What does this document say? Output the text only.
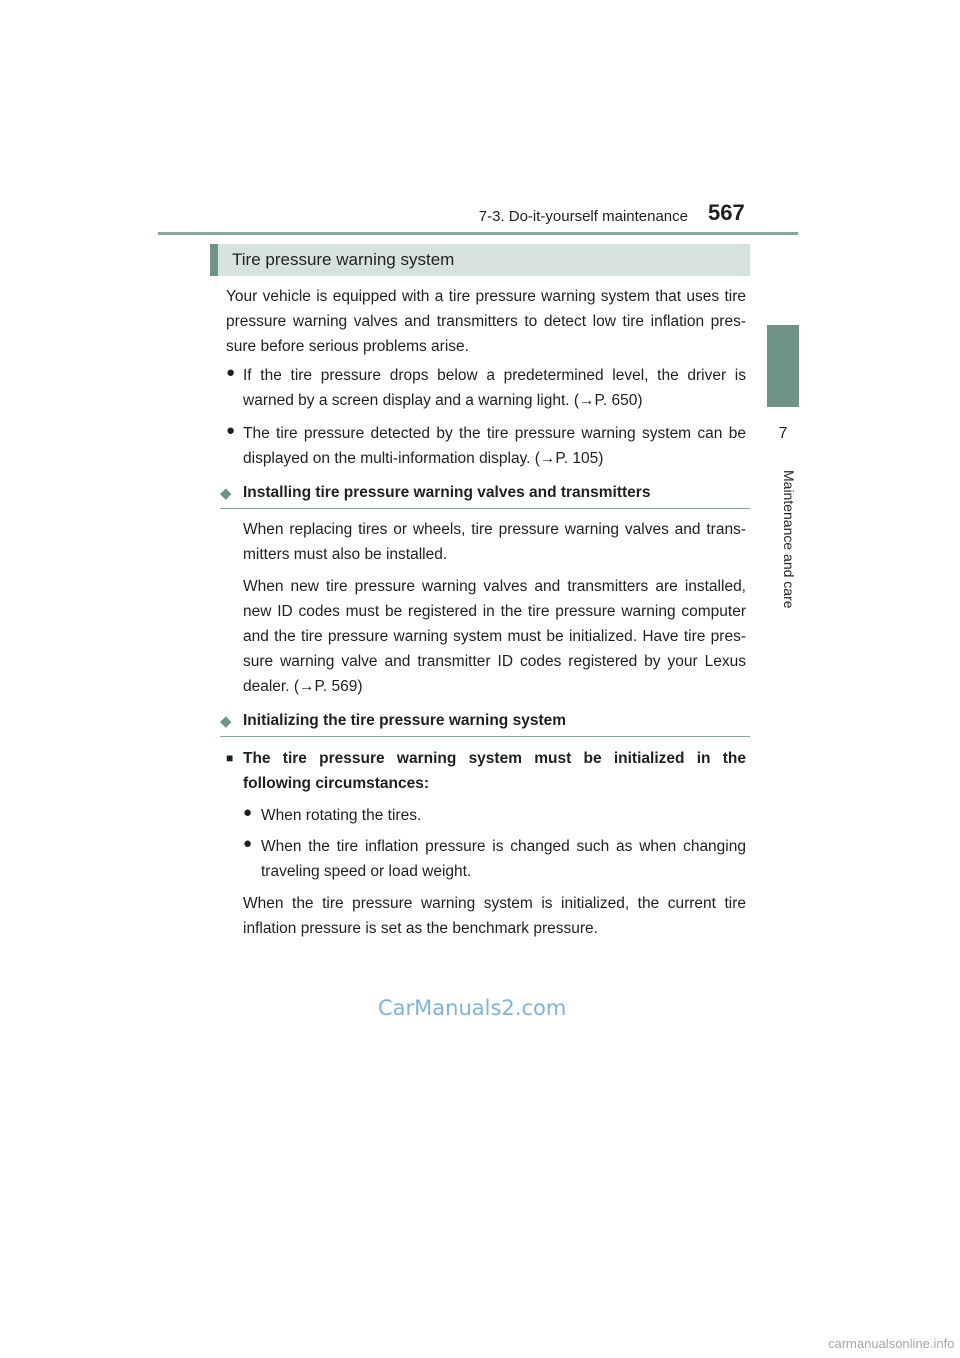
7-3. Do-it-yourself maintenance 567
7
Maintenance and care
Tire pressure warning system
Your vehicle is equipped with a tire pressure warning system that uses tire pressure warning valves and transmitters to detect low tire inflation pres-sure before serious problems arise.
● If the tire pressure drops below a predetermined level, the driver is warned by a screen display and a warning light. (→P. 650)
● The tire pressure detected by the tire pressure warning system can be displayed on the multi-information display. (→P. 105)
◆ Installing tire pressure warning valves and transmitters
When replacing tires or wheels, tire pressure warning valves and trans-mitters must also be installed.
When new tire pressure warning valves and transmitters are installed, new ID codes must be registered in the tire pressure warning computer and the tire pressure warning system must be initialized. Have tire pres-sure warning valve and transmitter ID codes registered by your Lexus dealer. (→P. 569)
◆ Initializing the tire pressure warning system
■ The tire pressure warning system must be initialized in the following circumstances:
● When rotating the tires.
● When the tire inflation pressure is changed such as when changing traveling speed or load weight.
When the tire pressure warning system is initialized, the current tire inflation pressure is set as the benchmark pressure.
CarManuals2.com
carmanualsonline.info
